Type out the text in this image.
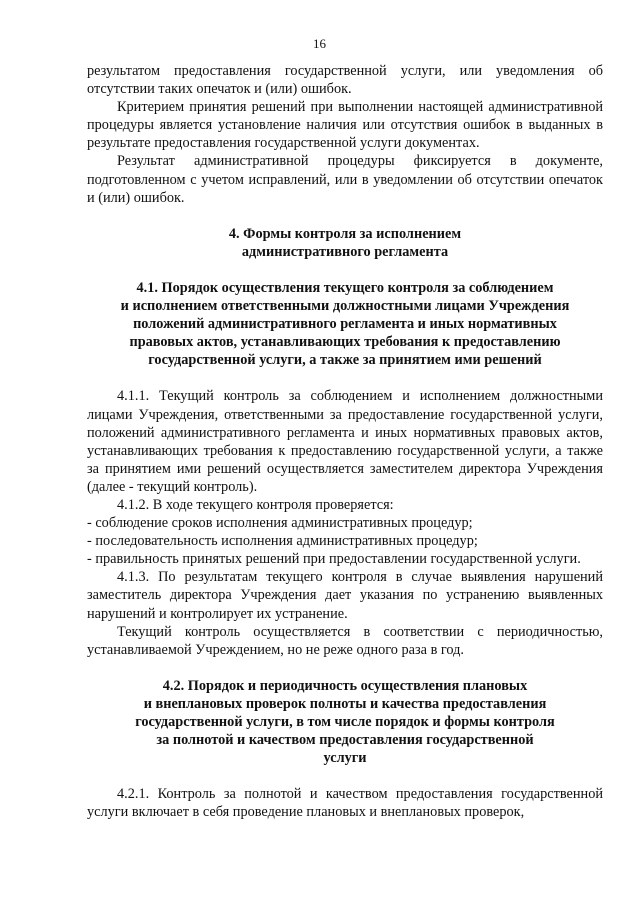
16

результатом предоставления государственной услуги, или уведомления об отсутствии таких опечаток и (или) ошибок.

Критерием принятия решений при выполнении настоящей административной процедуры является установление наличия или отсутствия ошибок в выданных в результате предоставления государственной услуги документах.

Результат административной процедуры фиксируется в документе, подготовленном с учетом исправлений, или в уведомлении об отсутствии опечаток и (или) ошибок.

4. Формы контроля за исполнением
административного регламента
4.1. Порядок осуществления текущего контроля за соблюдением
и исполнением ответственными должностными лицами Учреждения
положений административного регламента и иных нормативных
правовых актов, устанавливающих требования к предоставлению
государственной услуги, а также за принятием ими решений

4.1.1. Текущий контроль за соблюдением и исполнением должностными лицами Учреждения, ответственными за предоставление государственной услуги, положений административного регламента и иных нормативных правовых актов, устанавливающих требования к предоставлению государственной услуги, а также за принятием ими решений осуществляется заместителем директора Учреждения (далее - текущий контроль).

4.1.2. В ходе текущего контроля проверяется:

- соблюдение сроков исполнения административных процедур;

- последовательность исполнения административных процедур;

- правильность принятых решений при предоставлении государственной услуги.

4.1.3. По результатам текущего контроля в случае выявления нарушений заместитель директора Учреждения дает указания по устранению выявленных нарушений и контролирует их устранение.

Текущий контроль осуществляется в соответствии с периодичностью, устанавливаемой Учреждением, но не реже одного раза в год.

4.2. Порядок и периодичность осуществления плановых
и внеплановых проверок полноты и качества предоставления
государственной услуги, в том числе порядок и формы контроля
за полнотой и качеством предоставления государственной
услуги

4.2.1. Контроль за полнотой и качеством предоставления государственной услуги включает в себя проведение плановых и внеплановых проверок,
